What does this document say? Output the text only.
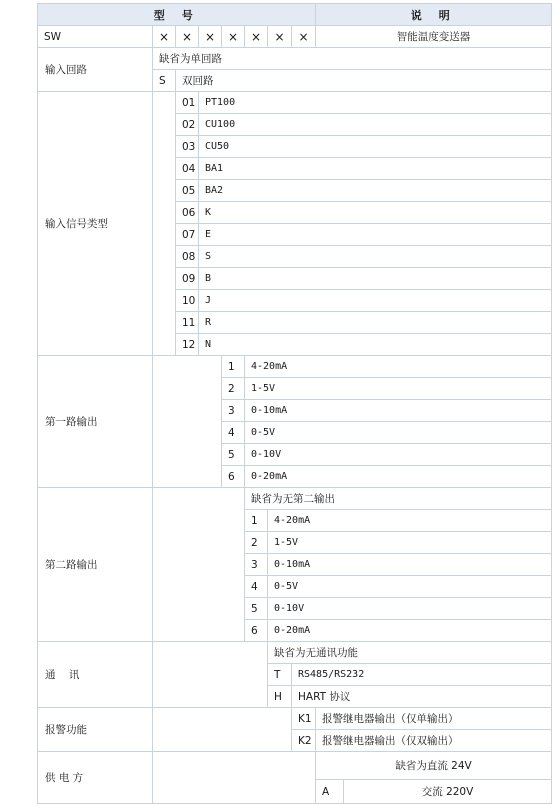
型 号								说 明	
SW	×	×	×	×	×	×	×	智能温度变送器	
输入回路	缺省为单回路								
	S	双回路							
输入信号类型		01	PT100						
		02	CU100						
		03	CU50						
		04	BA1						
		05	BA2						
		06	K						
		07	E						
		08	S						
		09	B						
		10	J						
		11	R						
		12	N						
第一路输出				1	4-20mA				
				2	1-5V				
				3	0-10mA				
				4	0-5V				
				5	0-10V				
				6	0-20mA				
第二路输出					缺省为无第二输出				
					1	4-20mA			
					2	1-5V			
					3	0-10mA			
					4	0-5V			
					5	0-10V			
					6	0-20mA			
通    讯						缺省为无通讯功能			
						T	RS485/RS232		
						H	HART 协议		
报警功能							K1	报警继电器输出（仅单输出）	
							K2	报警继电器输出（仅双输出）	
供 电 方								缺省为直流 24V	
								A	交流 220V
